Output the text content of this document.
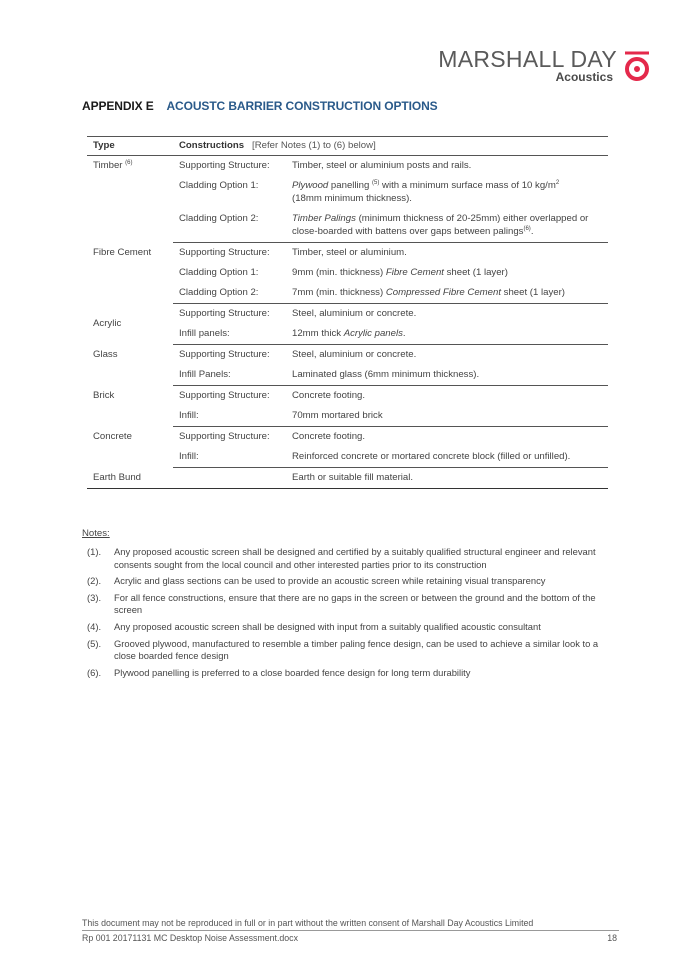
MARSHALL DAY
Acoustics
APPENDIX E ACOUSTC BARRIER CONSTRUCTION OPTIONS
Type	Constructions [Refer Notes (1) to (6) below]	
Timber $^{(6)}$	Supporting Structure:	Timber, steel or aluminium posts and rails.
	Cladding Option 1:	Plywood panelling $^{(5)}$ with a minimum surface mass of 10 $kg/m^2$
(18mm minimum thickness).
	Cladding Option 2:	Timber Palings (minimum thickness of 20-25mm) either overlapped or close-boarded with battens over gaps between palings$^{(6)}$.
Fibre Cement	Supporting Structure:	Timber, steel or aluminium.
	Cladding Option 1:	9mm (min. thickness) Fibre Cement sheet (1 layer)
	Cladding Option 2:	7mm (min. thickness) Compressed Fibre Cement sheet (1 layer)
Acrylic	Supporting Structure:	Steel, aluminium or concrete.
	Infill panels:	12mm thick Acrylic panels.
Glass	Supporting Structure:	Steel, aluminium or concrete.
	Infill Panels:	Laminated glass (6mm minimum thickness).
Brick	Supporting Structure:	Concrete footing.
	Infill:	70mm mortared brick
Concrete	Supporting Structure:	Concrete footing.
	Infill:	Reinforced concrete or mortared concrete block (filled or unfilled).
Earth Bund		Earth or suitable fill material.
Notes:
(1). Any proposed acoustic screen shall be designed and certified by a suitably qualified structural engineer and relevant consents sought from the local council and other interested parties prior to its construction
(2). Acrylic and glass sections can be used to provide an acoustic screen while retaining visual transparency
(3). For all fence constructions, ensure that there are no gaps in the screen or between the ground and the bottom of the screen
(4). Any proposed acoustic screen shall be designed with input from a suitably qualified acoustic consultant
(5). Grooved plywood, manufactured to resemble a timber paling fence design, can be used to achieve a similar look to a close boarded fence design
(6). Plywood panelling is preferred to a close boarded fence design for long term durability
This document may not be reproduced in full or in part without the written consent of Marshall Day Acoustics Limited
Rp 001 20171131 MC Desktop Noise Assessment.docx	18
